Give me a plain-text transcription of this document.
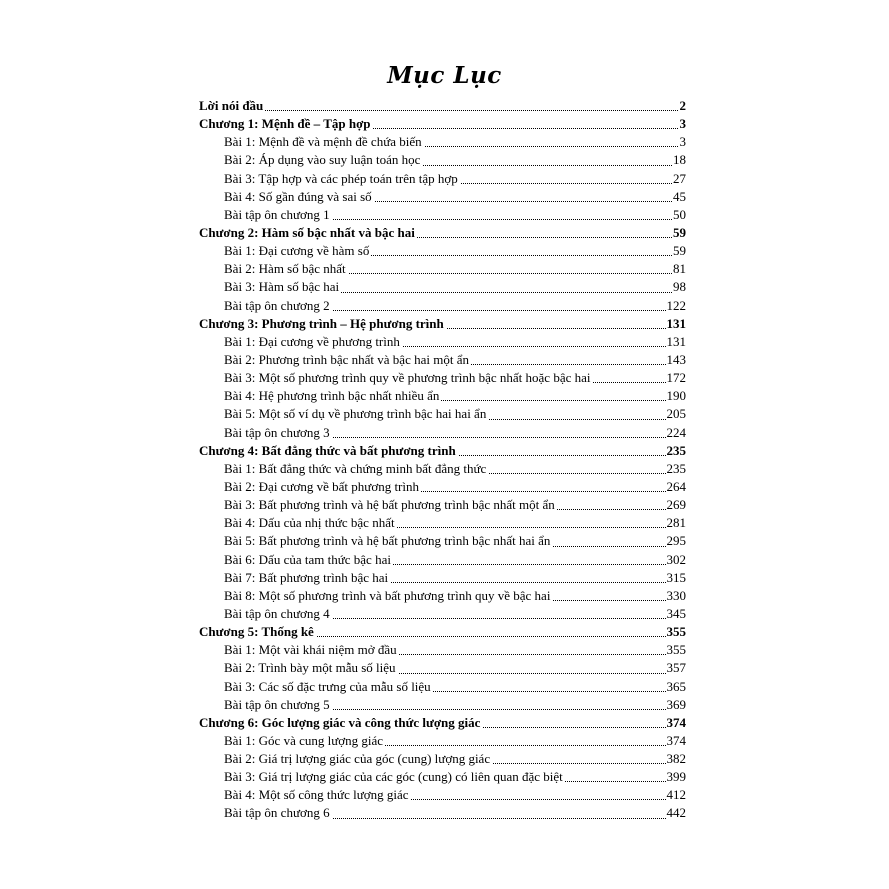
Mục Lục
Lời nói đầu	2
Chương 1: Mệnh đề – Tập hợp	3
Bài 1: Mệnh đề và mệnh đề chứa biến	3
Bài 2: Áp dụng vào suy luận toán học	18
Bài 3: Tập hợp và các phép toán trên tập hợp	27
Bài 4: Số gần đúng và sai số	45
Bài tập ôn chương 1	50
Chương 2: Hàm số bậc nhất và bậc hai	59
Bài 1: Đại cương về hàm số	59
Bài 2: Hàm số bậc nhất	81
Bài 3: Hàm số bậc hai	98
Bài tập ôn chương 2	122
Chương 3: Phương trình – Hệ phương trình	131
Bài 1: Đại cương về phương trình	131
Bài 2: Phương trình bậc nhất và bậc hai một ẩn	143
Bài 3: Một số phương trình quy về phương trình bậc nhất hoặc bậc hai	172
Bài 4: Hệ phương trình bậc nhất nhiều ẩn	190
Bài 5: Một số ví dụ về phương trình bậc hai hai ẩn	205
Bài tập ôn chương 3	224
Chương 4: Bất đẳng thức và bất phương trình	235
Bài 1: Bất đẳng thức và chứng minh bất đẳng thức	235
Bài 2: Đại cương về bất phương trình	264
Bài 3: Bất phương trình và hệ bất phương trình bậc nhất một ẩn	269
Bài 4: Dấu của nhị thức bậc nhất	281
Bài 5: Bất phương trình và hệ bất phương trình bậc nhất hai ẩn	295
Bài 6: Dấu của tam thức bậc hai	302
Bài 7: Bất phương trình bậc hai	315
Bài 8: Một số phương trình và bất phương trình quy về bậc hai	330
Bài tập ôn chương 4	345
Chương 5: Thống kê	355
Bài 1: Một vài khái niệm mở đầu	355
Bài 2: Trình bày một mẫu số liệu	357
Bài 3: Các số đặc trưng của mẫu số liệu	365
Bài tập ôn chương 5	369
Chương 6: Góc lượng giác và công thức lượng giác	374
Bài 1: Góc và cung lượng giác	374
Bài 2: Giá trị lượng giác của góc (cung) lượng giác	382
Bài 3: Giá trị lượng giác của các góc (cung) có liên quan đặc biệt	399
Bài 4: Một số công thức lượng giác	412
Bài tập ôn chương 6	442
